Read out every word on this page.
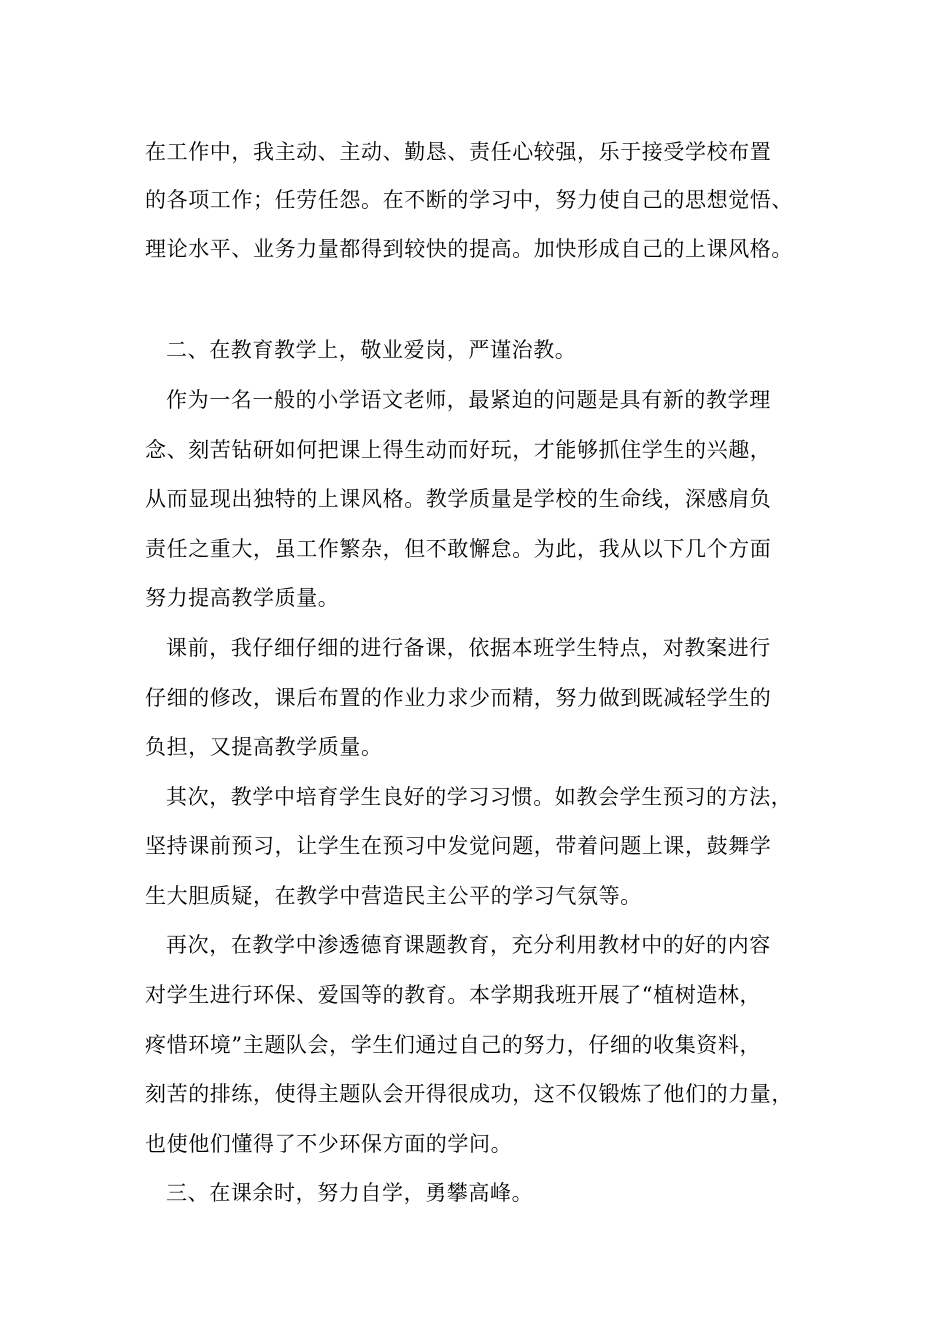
在工作中，我主动、主动、勤恳、责任心较强，乐于接受学校布置
的各项工作；任劳任怨。在不断的学习中，努力使自己的思想觉悟、
理论水平、业务力量都得到较快的提高。加快形成自己的上课风格。
二、在教育教学上，敬业爱岗，严谨治教。
作为一名一般的小学语文老师，最紧迫的问题是具有新的教学理
念、刻苦钻研如何把课上得生动而好玩，才能够抓住学生的兴趣，
从而显现出独特的上课风格。教学质量是学校的生命线，深感肩负
责任之重大，虽工作繁杂，但不敢懈怠。为此，我从以下几个方面
努力提高教学质量。
课前，我仔细仔细的进行备课，依据本班学生特点，对教案进行
仔细的修改，课后布置的作业力求少而精，努力做到既减轻学生的
负担，又提高教学质量。
其次，教学中培育学生良好的学习习惯。如教会学生预习的方法，
坚持课前预习，让学生在预习中发觉问题，带着问题上课，鼓舞学
生大胆质疑，在教学中营造民主公平的学习气氛等。
再次，在教学中渗透德育课题教育，充分利用教材中的好的内容
对学生进行环保、爱国等的教育。本学期我班开展了“植树造林，
疼惜环境”主题队会，学生们通过自己的努力，仔细的收集资料，
刻苦的排练，使得主题队会开得很成功，这不仅锻炼了他们的力量，
也使他们懂得了不少环保方面的学问。
三、在课余时，努力自学，勇攀高峰。
